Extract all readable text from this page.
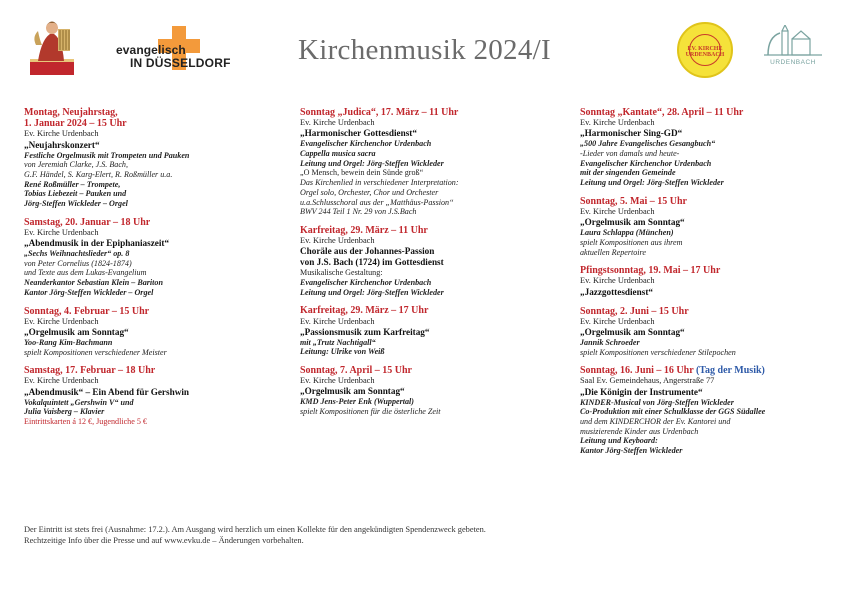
evangelisch
IN DÜSSELDORF Kirchenmusik 2024/I	EV. KIRCHE URDENBACH
URDENBACH
Montag, Neujahrstag,
1. Januar 2024 – 15 Uhr
Ev. Kirche Urdenbach
„Neujahrskonzert“
Festliche Orgelmusik mit Trompeten und Pauken
von Jeremiah Clarke, J.S. Bach,
G.F. Händel, S. Karg-Elert, R. Roßmüller u.a.
René Roßmüller – Trompete,
Tobias Liebezeit – Pauken und
Jörg-Steffen Wickleder – Orgel
Samstag, 20. Januar – 18 Uhr
Ev. Kirche Urdenbach
„Abendmusik in der Epiphaniaszeit“
„Sechs Weihnachtslieder“ op. 8
von Peter Cornelius (1824-1874)
und Texte aus dem Lukas-Evangelium
Neanderkantor Sebastian Klein – Bariton
Kantor Jörg-Steffen Wickleder – Orgel
Sonntag, 4. Februar – 15 Uhr
Ev. Kirche Urdenbach
„Orgelmusik am Sonntag“
Yoo-Rang Kim-Bachmann
spielt Kompositionen verschiedener Meister
Samstag, 17. Februar – 18 Uhr
Ev. Kirche Urdenbach
„Abendmusik“ – Ein Abend für Gershwin
Vokalquintett „Gershwin V“ und
Julia Vaisberg – Klavier
Eintrittskarten á 12 €, Jugendliche 5 €
Sonntag „Judica“, 17. März – 11 Uhr
Ev. Kirche Urdenbach
„Harmonischer Gottesdienst“
Evangelischer Kirchenchor Urdenbach
Cappella musica sacra
Leitung und Orgel: Jörg-Steffen Wickleder
„O Mensch, bewein dein Sünde groß“
Das Kirchenlied in verschiedener Interpretation:
Orgel solo, Orchester, Chor und Orchester
u.a.Schlusschoral aus der „Matthäus-Passion“
BWV 244 Teil 1 Nr. 29 von J.S.Bach
Karfreitag, 29. März – 11 Uhr
Ev. Kirche Urdenbach
Choräle aus der Johannes-Passion
von J.S. Bach (1724) im Gottesdienst
Musikalische Gestaltung:
Evangelischer Kirchenchor Urdenbach
Leitung und Orgel: Jörg-Steffen Wickleder
Karfreitag, 29. März – 17 Uhr
Ev. Kirche Urdenbach
„Passionsmusik zum Karfreitag“
mit „Trutz Nachtigall“
Leitung: Ulrike von Weiß
Sonntag, 7. April – 15 Uhr
Ev. Kirche Urdenbach
„Orgelmusik am Sonntag“
KMD Jens-Peter Enk (Wuppertal)
spielt Kompositionen für die österliche Zeit
Sonntag „Kantate“, 28. April – 11 Uhr
Ev. Kirche Urdenbach
„Harmonischer Sing-GD“
„500 Jahre Evangelisches Gesangbuch“
-Lieder von damals und heute-
Evangelischer Kirchenchor Urdenbach
mit der singenden Gemeinde
Leitung und Orgel: Jörg-Steffen Wickleder
Sonntag, 5. Mai – 15 Uhr
Ev. Kirche Urdenbach
„Orgelmusik am Sonntag“
Laura Schlappa (München)
spielt Kompositionen aus ihrem
aktuellen Repertoire
Pfingstsonntag, 19. Mai – 17 Uhr
Ev. Kirche Urdenbach
„Jazzgottesdienst“
Sonntag, 2. Juni – 15 Uhr
Ev. Kirche Urdenbach
„Orgelmusik am Sonntag“
Jannik Schroeder
spielt Kompositionen verschiedener Stilepochen
Sonntag, 16. Juni – 16 Uhr (Tag der Musik)
Saal Ev. Gemeindehaus, Angerstraße 77
„Die Königin der Instrumente“
KINDER-Musical von Jörg-Steffen Wickleder
Co-Produktion mit einer Schulklasse der GGS Südallee
und dem KINDERCHOR der Ev. Kantorei und
musizierende Kinder aus Urdenbach
Leitung und Keyboard:
Kantor Jörg-Steffen Wickleder
Der Eintritt ist stets frei (Ausnahme: 17.2.). Am Ausgang wird herzlich um einen Kollekte für den angekündigten Spendenzweck gebeten.
Rechtzeitige Info über die Presse und auf www.evku.de – Änderungen vorbehalten.
